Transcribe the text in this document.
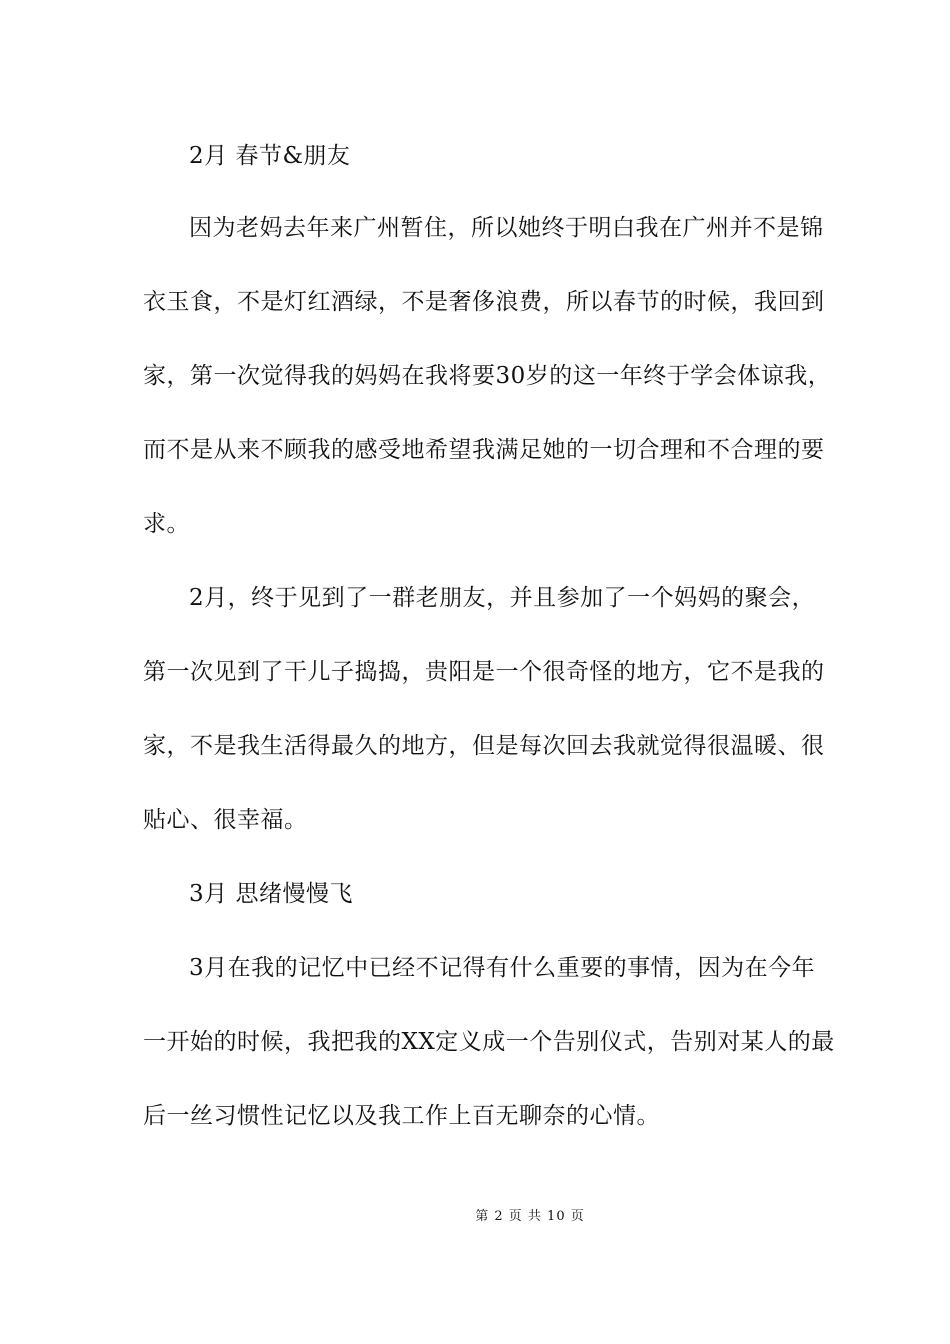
2月 春节&朋友
因为老妈去年来广州暂住，所以她终于明白我在广州并不是锦
衣玉食，不是灯红酒绿，不是奢侈浪费，所以春节的时候，我回到
家，第一次觉得我的妈妈在我将要30岁的这一年终于学会体谅我，
而不是从来不顾我的感受地希望我满足她的一切合理和不合理的要
求。
2月，终于见到了一群老朋友，并且参加了一个妈妈的聚会，
第一次见到了干儿子捣捣，贵阳是一个很奇怪的地方，它不是我的
家，不是我生活得最久的地方，但是每次回去我就觉得很温暖、很
贴心、很幸福。
3月 思绪慢慢飞
3月在我的记忆中已经不记得有什么重要的事情，因为在今年
一开始的时候，我把我的XX定义成一个告别仪式，告别对某人的最
后一丝习惯性记忆以及我工作上百无聊奈的心情。
第 2 页 共 10 页
